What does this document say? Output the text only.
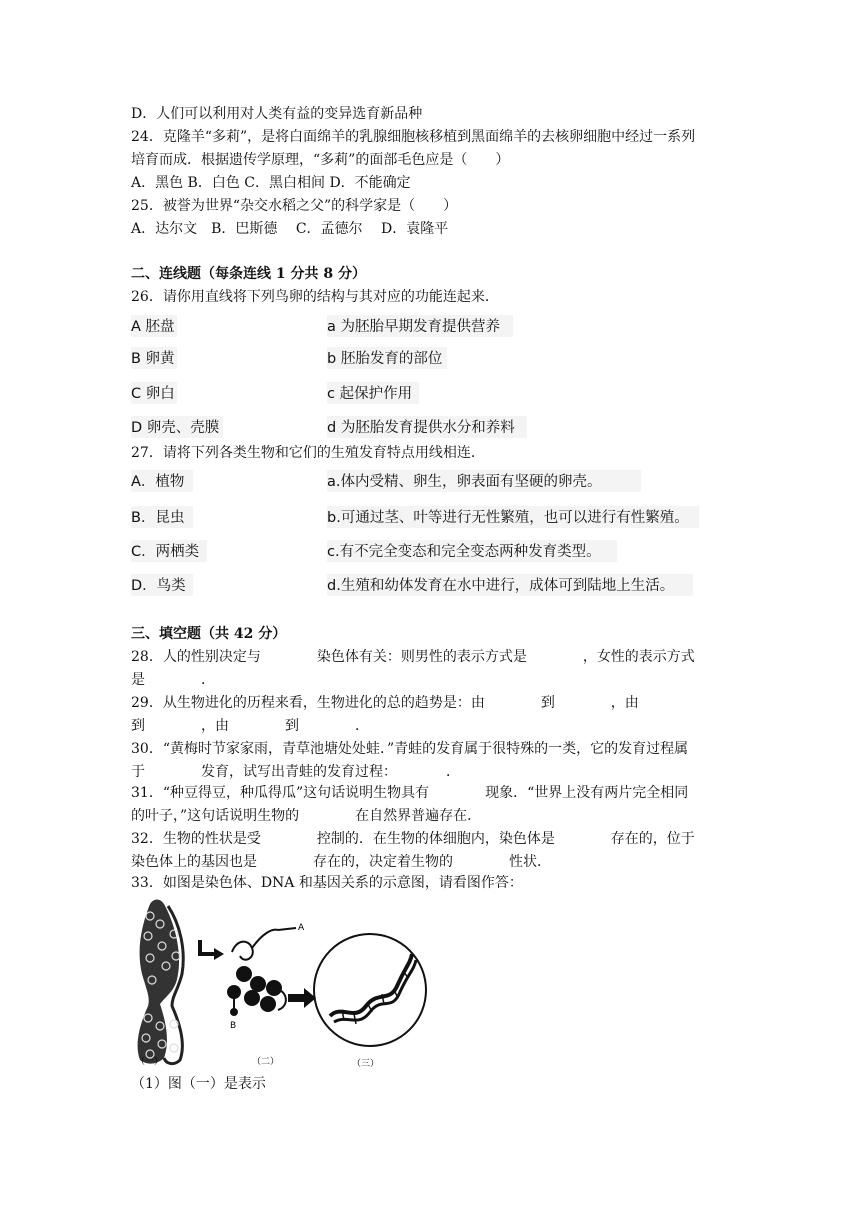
D．人们可以利用对人类有益的变异选育新品种
24．克隆羊“多莉”，是将白面绵羊的乳腺细胞核移植到黑面绵羊的去核卵细胞中经过一系列
培育而成．根据遗传学原理，“多莉”的面部毛色应是（　　）
A．黑色 B．白色 C．黑白相间 D．不能确定
25．被誉为世界“杂交水稻之父”的科学家是（　　）
A．达尔文　B．巴斯德　 C．孟德尔　 D．袁隆平
二、连线题（每条连线 1 分共 8 分）
26．请你用直线将下列鸟卵的结构与其对应的功能连起来．
A 胚盘	a 为胚胎早期发育提供营养
B 卵黄	b 胚胎发育的部位
C 卵白	c 起保护作用
D 卵壳、壳膜	d 为胚胎发育提供水分和养料
27．请将下列各类生物和它们的生殖发育特点用线相连．
A．植物	a.体内受精、卵生，卵表面有坚硬的卵壳。
B．昆虫	b.可通过茎、叶等进行无性繁殖，也可以进行有性繁殖。
C．两栖类	c.有不完全变态和完全变态两种发育类型。
D．鸟类	d.生殖和幼体发育在水中进行，成体可到陆地上生活。
三、填空题（共 42 分）
28．人的性别决定与　　　　染色体有关：则男性的表示方式是　　　　，女性的表示方式
是　　　　．
29．从生物进化的历程来看，生物进化的总的趋势是：由　　　　到　　　　，由
到　　　　，由　　　　到　　　　．
30．“黄梅时节家家雨，青草池塘处处蛙．”青蛙的发育属于很特殊的一类，它的发育过程属
于　　　　发育，试写出青蛙的发育过程：　　　　．
31．“种豆得豆，种瓜得瓜”这句话说明生物具有　　　　现象．“世界上没有两片完全相同
的叶子，”这句话说明生物的　　　　在自然界普遍存在．
32．生物的性状是受　　　　控制的．在生物的体细胞内，染色体是　　　　存在的，位于
染色体上的基因也是　　　　存在的，决定着生物的　　　　性状．
33．如图是染色体、DNA 和基因关系的示意图，请看图作答：
A
B
（一）	（二）	（三）
（1）图（一）是表示
